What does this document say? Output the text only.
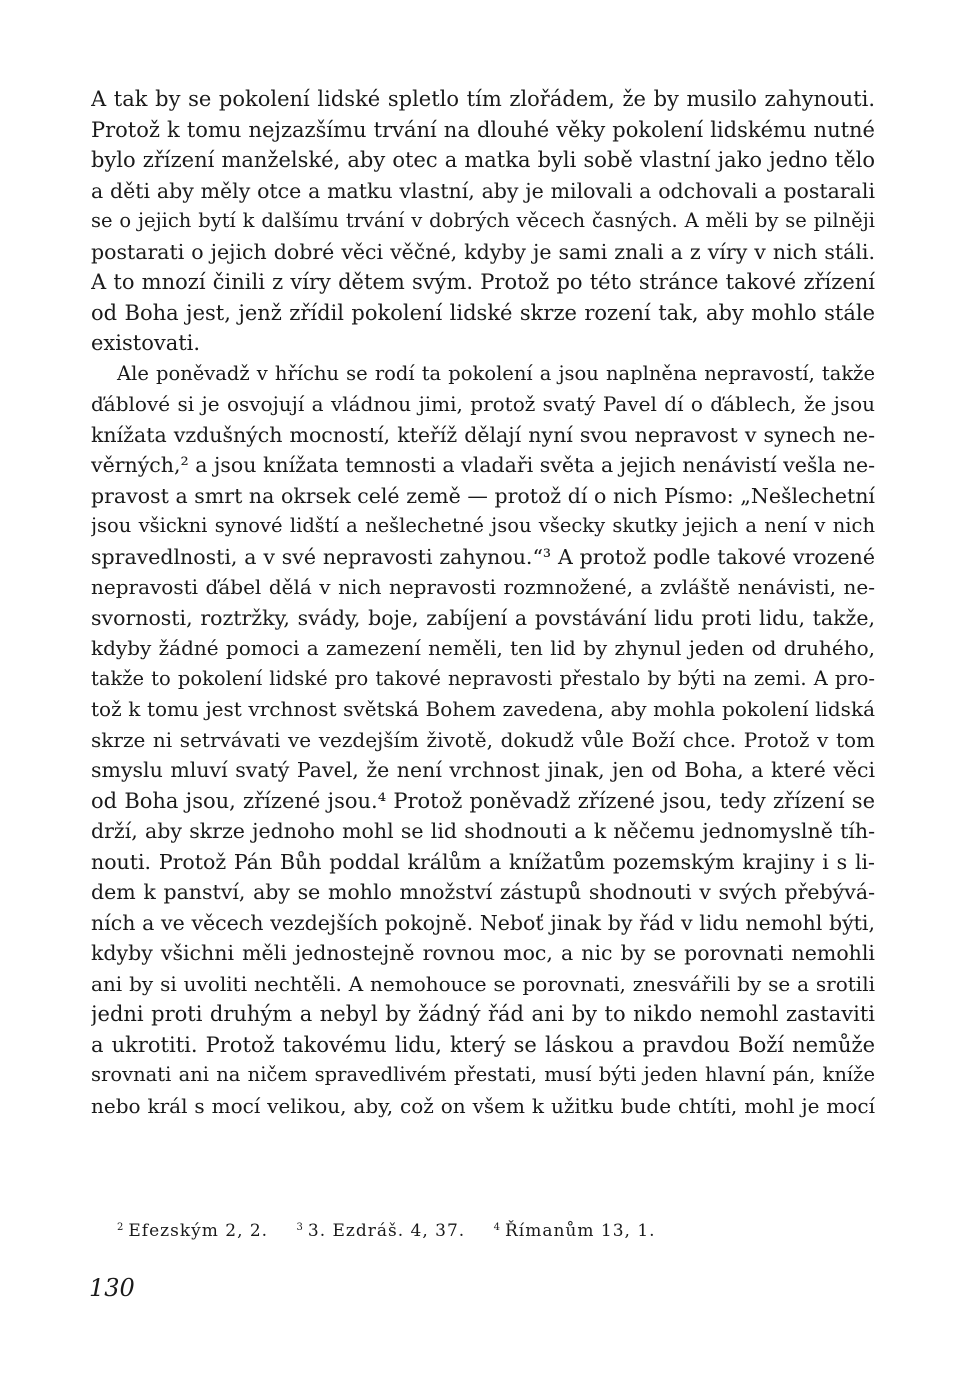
A tak by se pokolení lidské spletlo tím zlořádem, že by musilo zahynouti.
Protož k tomu nejzazšímu trvání na dlouhé věky pokolení lidskému nutné
bylo zřízení manželské, aby otec a matka byli sobě vlastní jako jedno tělo
a děti aby měly otce a matku vlastní, aby je milovali a odchovali a postarali
se o jejich bytí k dalšímu trvání v dobrých věcech časných. A měli by se pilněji
postarati o jejich dobré věci věčné, kdyby je sami znali a z víry v nich stáli.
A to mnozí činili z víry dětem svým. Protož po této stránce takové zřízení
od Boha jest, jenž zřídil pokolení lidské skrze rození tak, aby mohlo stále
existovati.
Ale poněvadž v hříchu se rodí ta pokolení a jsou naplněna nepravostí, takže
ďáblové si je osvojují a vládnou jimi, protož svatý Pavel dí o ďáblech, že jsou
knížata vzdušných mocností, kteříž dělají nyní svou nepravost v synech ne-
věrných,² a jsou knížata temnosti a vladaři světa a jejich nenávistí vešla ne-
pravost a smrt na okrsek celé země — protož dí o nich Písmo: „Nešlechetní
jsou všickni synové lidští a nešlechetné jsou všecky skutky jejich a není v nich
spravedlnosti, a v své nepravosti zahynou.“³ A protož podle takové vrozené
nepravosti ďábel dělá v nich nepravosti rozmnožené, a zvláště nenávisti, ne-
svornosti, roztržky, svády, boje, zabíjení a povstávání lidu proti lidu, takže,
kdyby žádné pomoci a zamezení neměli, ten lid by zhynul jeden od druhého,
takže to pokolení lidské pro takové nepravosti přestalo by býti na zemi. A pro-
tož k tomu jest vrchnost světská Bohem zavedena, aby mohla pokolení lidská
skrze ni setrvávati ve vezdejším životě, dokudž vůle Boží chce. Protož v tom
smyslu mluví svatý Pavel, že není vrchnost jinak, jen od Boha, a které věci
od Boha jsou, zřízené jsou.⁴ Protož poněvadž zřízené jsou, tedy zřízení se
drží, aby skrze jednoho mohl se lid shodnouti a k něčemu jednomyslně tíh-
nouti. Protož Pán Bůh poddal králům a knížatům pozemským krajiny i s li-
dem k panství, aby se mohlo množství zástupů shodnouti v svých přebývá-
ních a ve věcech vezdejších pokojně. Neboť jinak by řád v lidu nemohl býti,
kdyby všichni měli jednostejně rovnou moc, a nic by se porovnati nemohli
ani by si uvoliti nechtěli. A nemohouce se porovnati, znesvářili by se a srotili
jedni proti druhým a nebyl by žádný řád ani by to nikdo nemohl zastaviti
a ukrotiti. Protož takovému lidu, který se láskou a pravdou Boží nemůže
srovnati ani na ničem spravedlivém přestati, musí býti jeden hlavní pán, kníže
nebo král s mocí velikou, aby, což on všem k užitku bude chtíti, mohl je mocí
$^2$ Efezským 2, 2.	$^3$ 3. Ezdráš. 4, 37.	$^4$ Římanům 13, 1.
130
